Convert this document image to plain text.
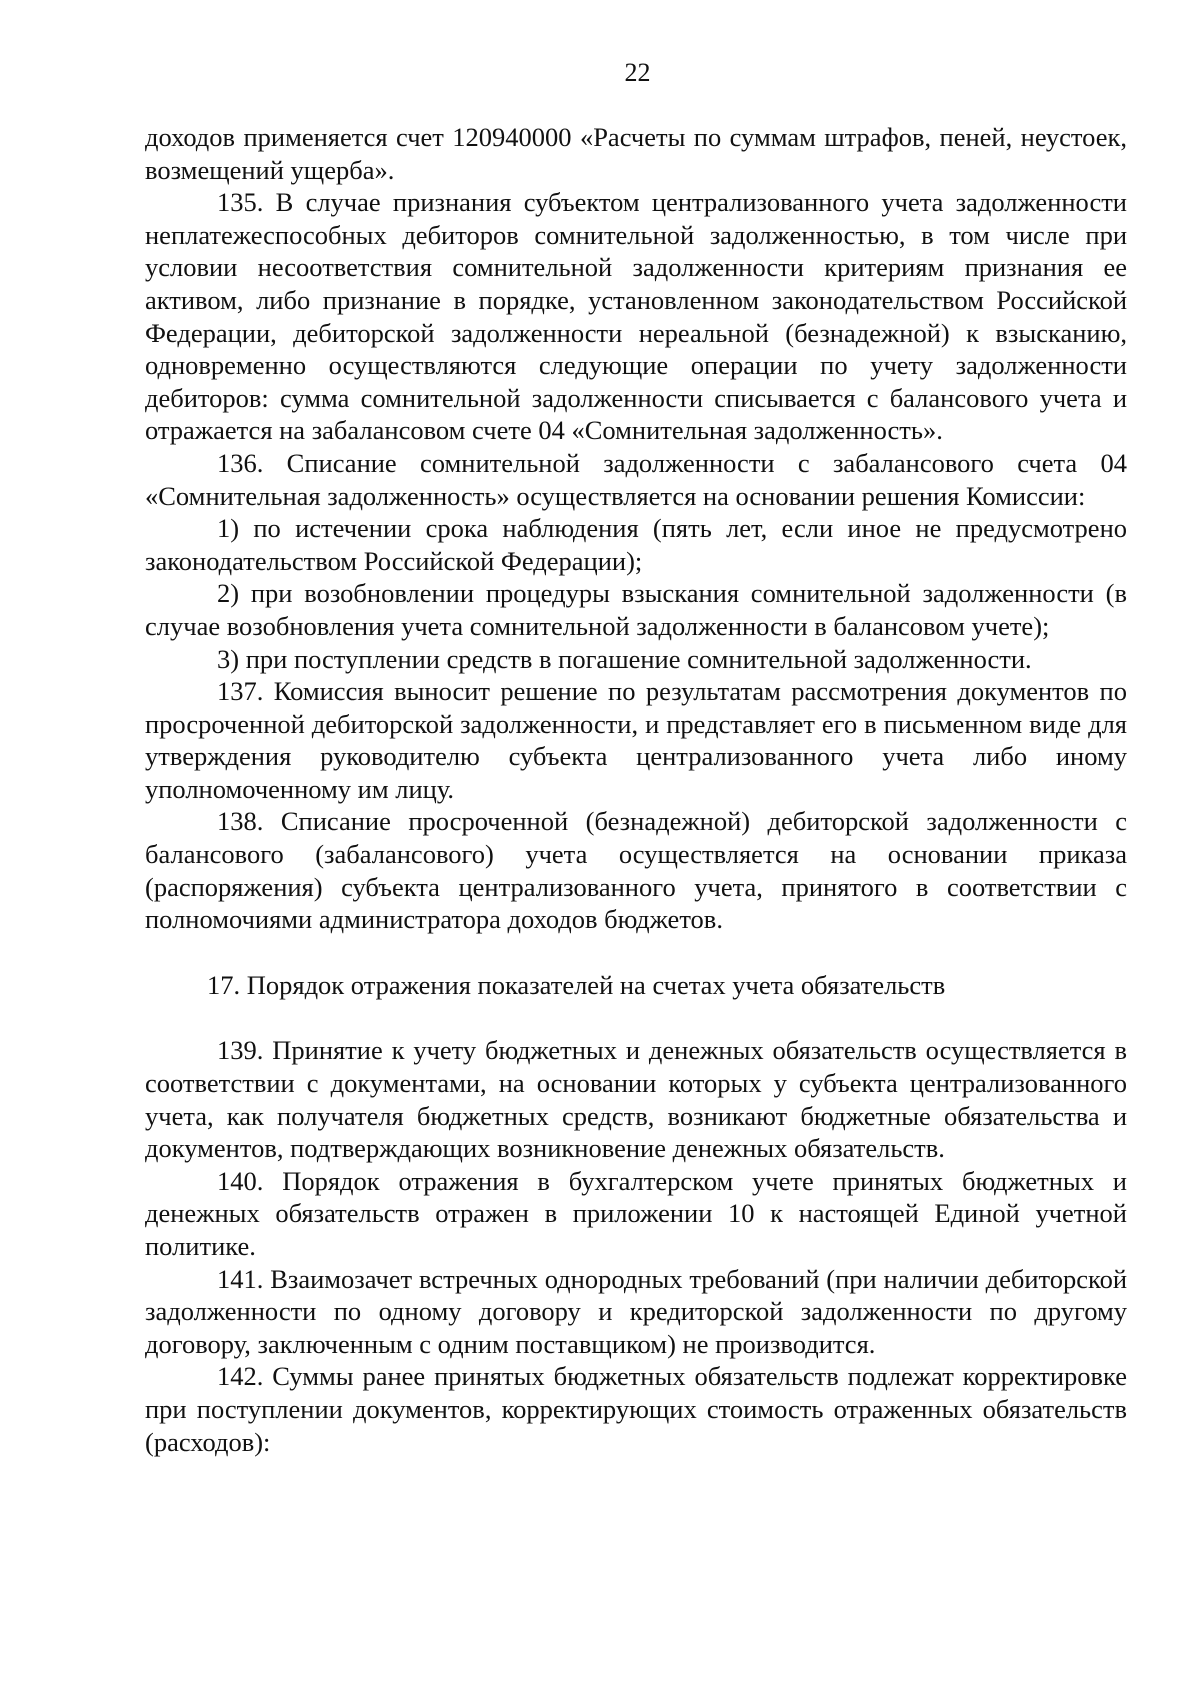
22

доходов применяется счет 120940000 «Расчеты по суммам штрафов, пеней, неустоек, возмещений ущерба».

135. В случае признания субъектом централизованного учета задолженности неплатежеспособных дебиторов сомнительной задолженностью, в том числе при условии несоответствия сомнительной задолженности критериям признания ее активом, либо признание в порядке, установленном законодательством Российской Федерации, дебиторской задолженности нереальной (безнадежной) к взысканию, одновременно осуществляются следующие операции по учету задолженности дебиторов: сумма сомнительной задолженности списывается с балансового учета и отражается на забалансовом счете 04 «Сомнительная задолженность».

136. Списание сомнительной задолженности с забалансового счета 04 «Сомнительная задолженность» осуществляется на основании решения Комиссии:

1) по истечении срока наблюдения (пять лет, если иное не предусмотрено законодательством Российской Федерации);

2) при возобновлении процедуры взыскания сомнительной задолженности (в случае возобновления учета сомнительной задолженности в балансовом учете);

3) при поступлении средств в погашение сомнительной задолженности.

137. Комиссия выносит решение по результатам рассмотрения документов по просроченной дебиторской задолженности, и представляет его в письменном виде для утверждения руководителю субъекта централизованного учета либо иному уполномоченному им лицу.

138. Списание просроченной (безнадежной) дебиторской задолженности с балансового (забалансового) учета осуществляется на основании приказа (распоряжения) субъекта централизованного учета, принятого в соответствии с полномочиями администратора доходов бюджетов.

17. Порядок отражения показателей на счетах учета обязательств

139. Принятие к учету бюджетных и денежных обязательств осуществляется в соответствии с документами, на основании которых у субъекта централизованного учета, как получателя бюджетных средств, возникают бюджетные обязательства и документов, подтверждающих возникновение денежных обязательств.

140. Порядок отражения в бухгалтерском учете принятых бюджетных и денежных обязательств отражен в приложении 10 к настоящей Единой учетной политике.

141. Взаимозачет встречных однородных требований (при наличии дебиторской задолженности по одному договору и кредиторской задолженности по другому договору, заключенным с одним поставщиком) не производится.

142. Суммы ранее принятых бюджетных обязательств подлежат корректировке при поступлении документов, корректирующих стоимость отраженных обязательств (расходов):
